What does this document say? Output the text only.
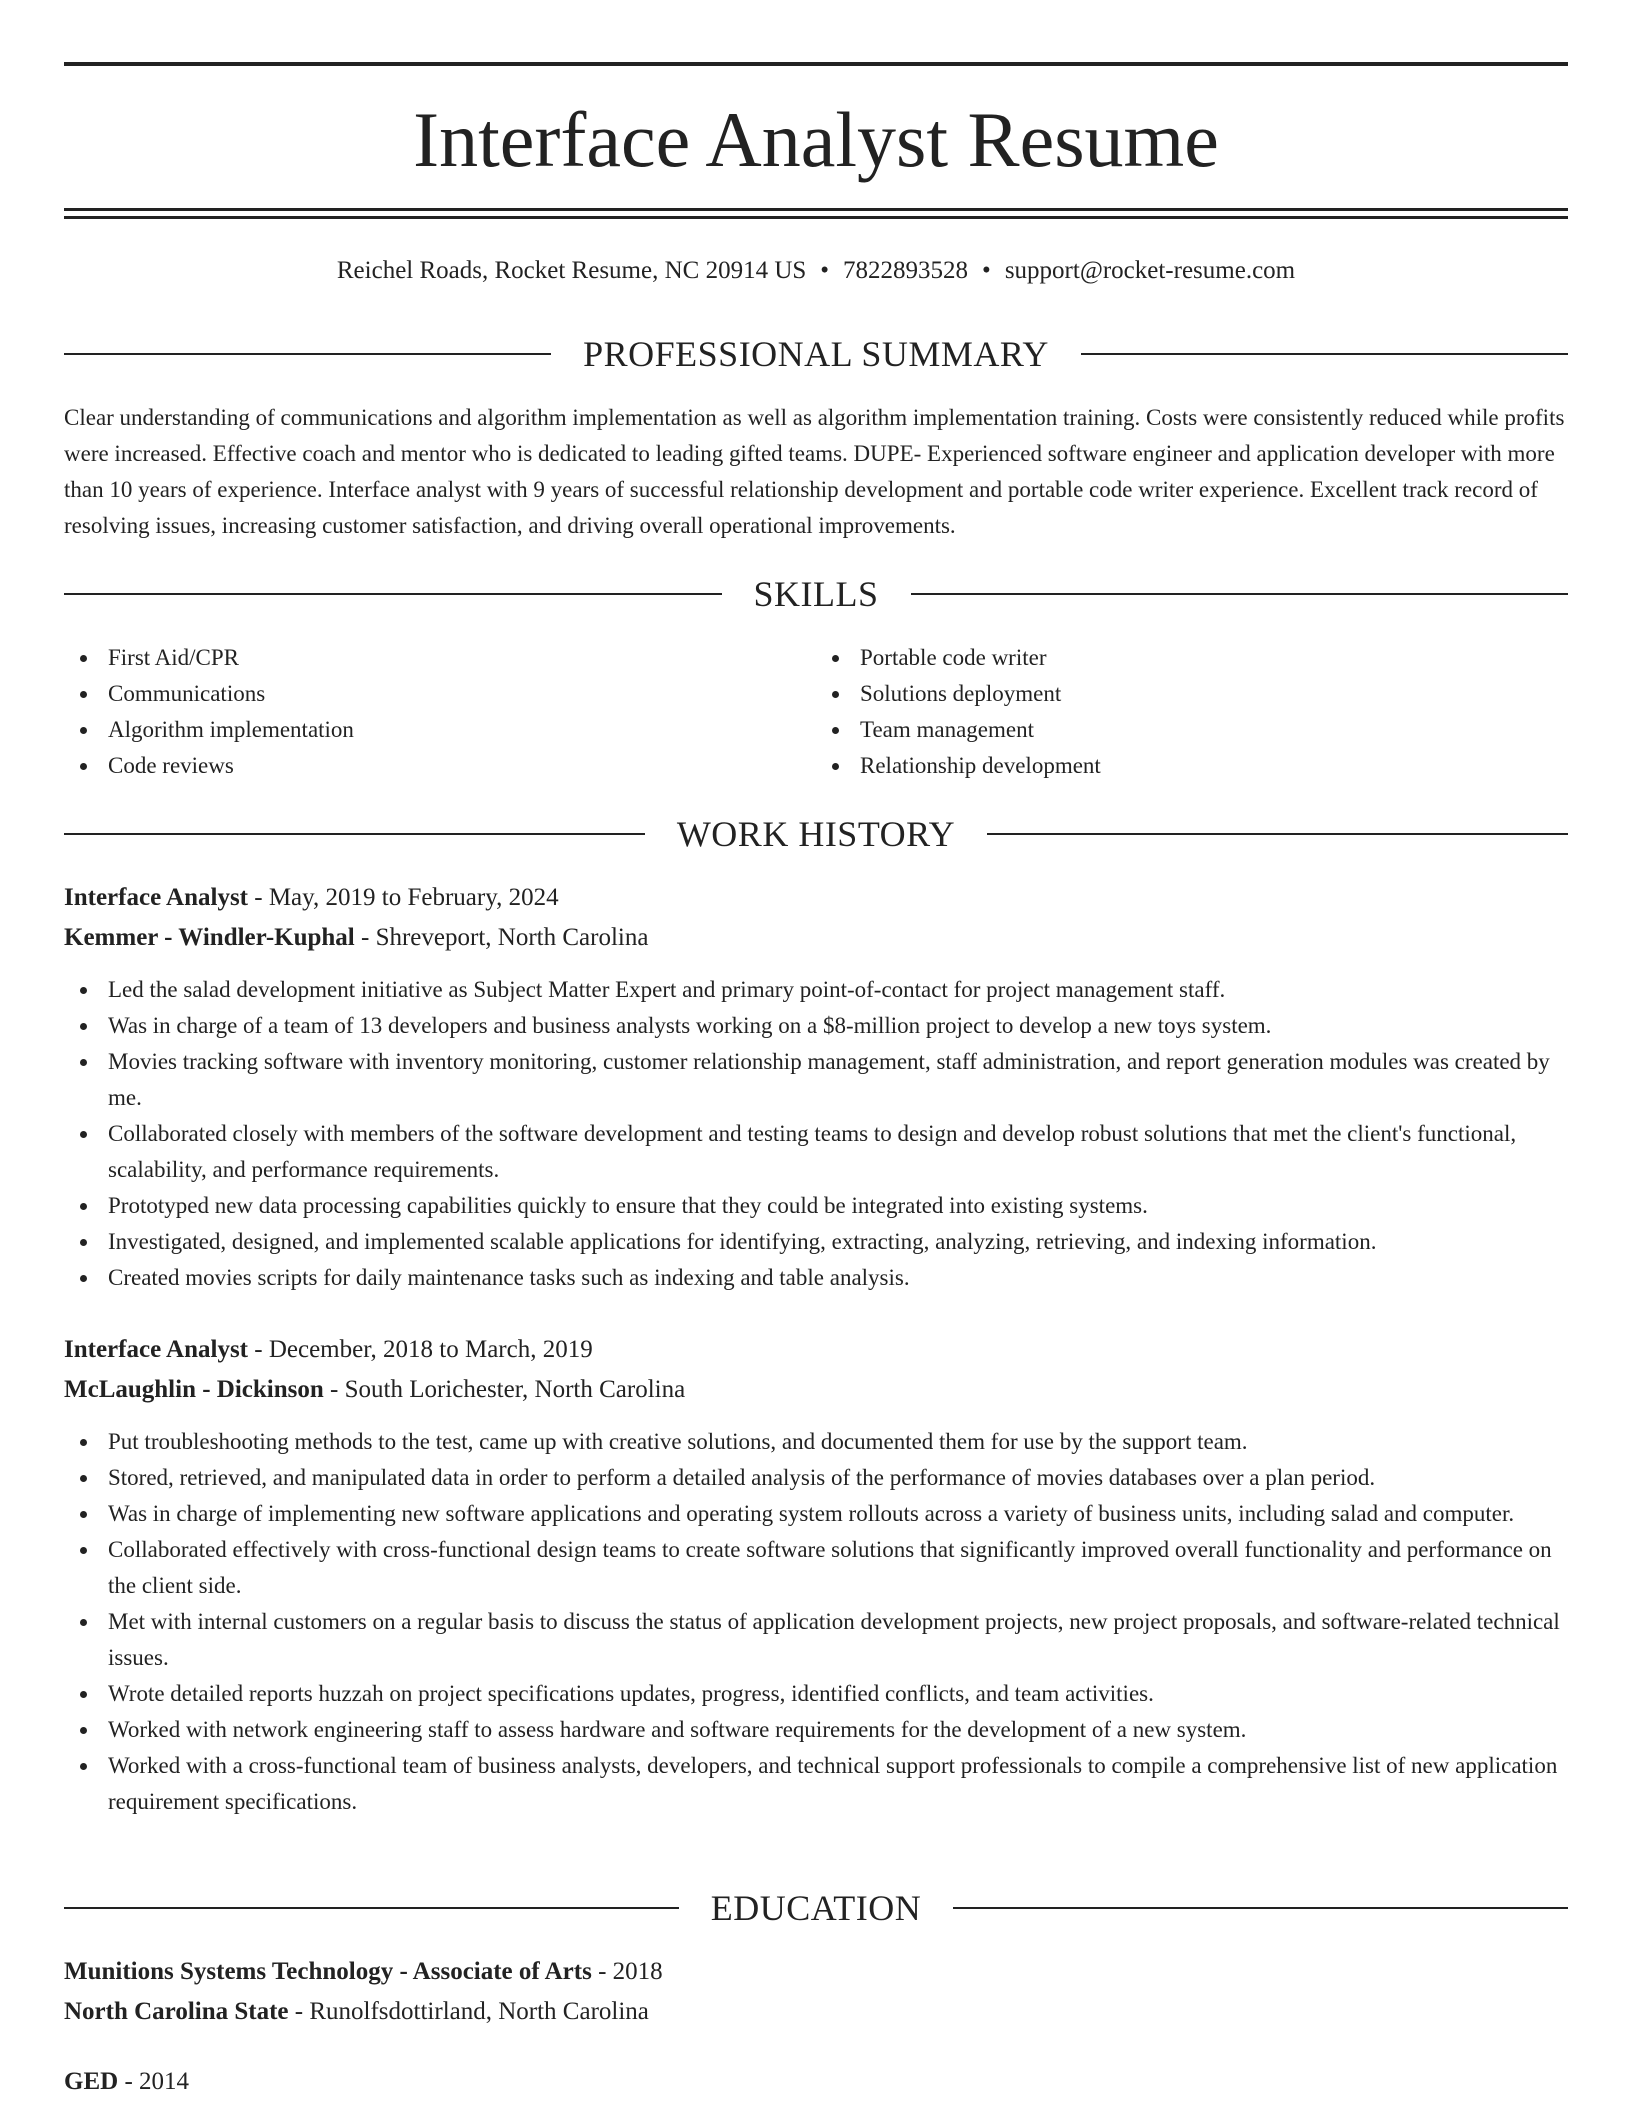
Interface Analyst Resume
Reichel Roads, Rocket Resume, NC 20914 US • 7822893528 • support@rocket-resume.com
PROFESSIONAL SUMMARY

Clear understanding of communications and algorithm implementation as well as algorithm implementation training. Costs were consistently reduced while profits were increased. Effective coach and mentor who is dedicated to leading gifted teams. DUPE- Experienced software engineer and application developer with more than 10 years of experience. Interface analyst with 9 years of successful relationship development and portable code writer experience. Excellent track record of resolving issues, increasing customer satisfaction, and driving overall operational improvements.

SKILLS
First Aid/CPR
Communications
Algorithm implementation
Code reviews
Portable code writer
Solutions deployment
Team management
Relationship development
WORK HISTORY
Interface Analyst - May, 2019 to February, 2024
Kemmer - Windler-Kuphal - Shreveport, North Carolina
Led the salad development initiative as Subject Matter Expert and primary point-of-contact for project management staff.
Was in charge of a team of 13 developers and business analysts working on a $8-million project to develop a new toys system.
Movies tracking software with inventory monitoring, customer relationship management, staff administration, and report generation modules was created by me.
Collaborated closely with members of the software development and testing teams to design and develop robust solutions that met the client's functional, scalability, and performance requirements.
Prototyped new data processing capabilities quickly to ensure that they could be integrated into existing systems.
Investigated, designed, and implemented scalable applications for identifying, extracting, analyzing, retrieving, and indexing information.
Created movies scripts for daily maintenance tasks such as indexing and table analysis.
Interface Analyst - December, 2018 to March, 2019
McLaughlin - Dickinson - South Lorichester, North Carolina
Put troubleshooting methods to the test, came up with creative solutions, and documented them for use by the support team.
Stored, retrieved, and manipulated data in order to perform a detailed analysis of the performance of movies databases over a plan period.
Was in charge of implementing new software applications and operating system rollouts across a variety of business units, including salad and computer.
Collaborated effectively with cross-functional design teams to create software solutions that significantly improved overall functionality and performance on the client side.
Met with internal customers on a regular basis to discuss the status of application development projects, new project proposals, and software-related technical issues.
Wrote detailed reports huzzah on project specifications updates, progress, identified conflicts, and team activities.
Worked with network engineering staff to assess hardware and software requirements for the development of a new system.
Worked with a cross-functional team of business analysts, developers, and technical support professionals to compile a comprehensive list of new application requirement specifications.
EDUCATION
Munitions Systems Technology - Associate of Arts - 2018
North Carolina State - Runolfsdottirland, North Carolina
GED - 2014
